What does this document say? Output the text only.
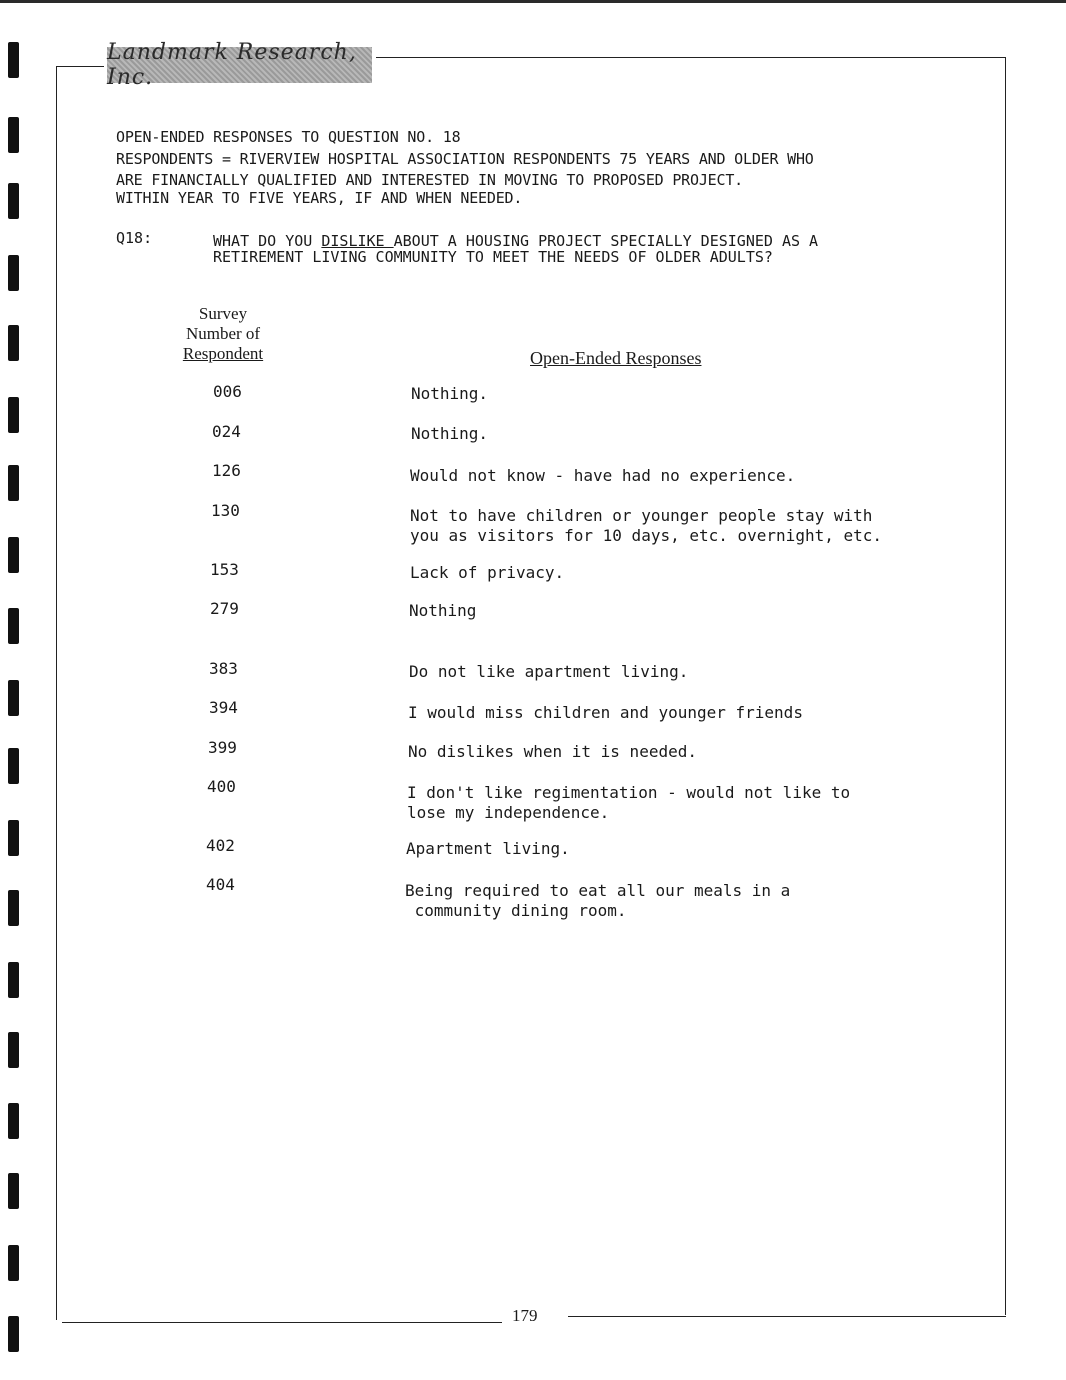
Landmark Research, Inc.
OPEN-ENDED RESPONSES TO QUESTION NO. 18
RESPONDENTS = RIVERVIEW HOSPITAL ASSOCIATION RESPONDENTS 75 YEARS AND OLDER WHO
ARE FINANCIALLY QUALIFIED AND INTERESTED IN MOVING TO PROPOSED PROJECT.
WITHIN YEAR TO FIVE YEARS, IF AND WHEN NEEDED.
Q18:	WHAT DO YOU DISLIKE ABOUT A HOUSING PROJECT SPECIALLY DESIGNED AS A
RETIREMENT LIVING COMMUNITY TO MEET THE NEEDS OF OLDER ADULTS?
Survey
Number of
Respondent	Open-Ended Responses
006	Nothing.
024	Nothing.
126	Would not know - have had no experience.
130	Not to have children or younger people stay with
you as visitors for 10 days, etc. overnight, etc.
153	Lack of privacy.
279	Nothing
383	Do not like apartment living.
394	I would miss children and younger friends
399	No dislikes when it is needed.
400	I don't like regimentation - would not like to
lose my independence.
402	Apartment living.
404	Being required to eat all our meals in a
community dining room.
179
